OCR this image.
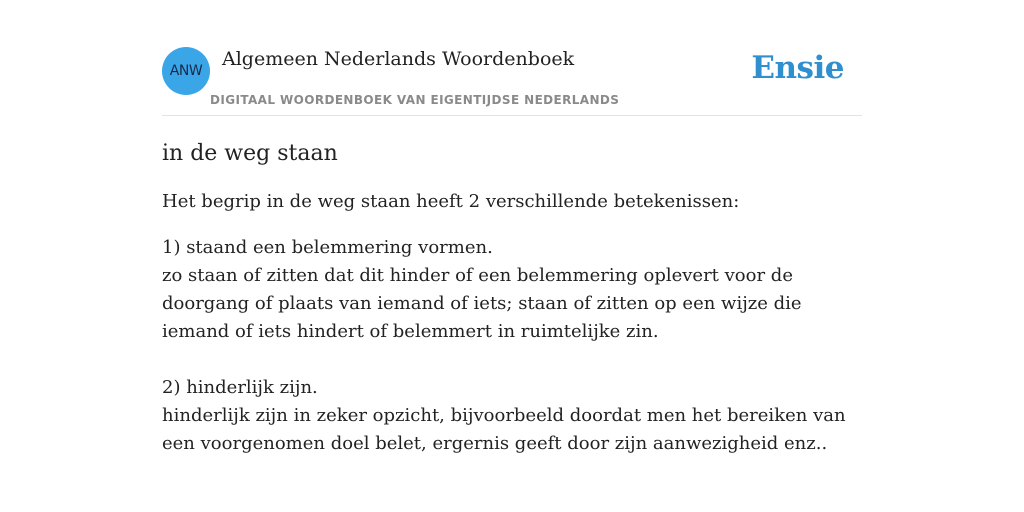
ANW
Algemeen Nederlands Woordenboek
DIGITAAL WOORDENBOEK VAN EIGENTIJDSE NEDERLANDS
Ensie
in de weg staan

Het begrip in de weg staan heeft 2 verschillende betekenissen:

1) staand een belemmering vormen.
zo staan of zitten dat dit hinder of een belemmering oplevert voor de doorgang of plaats van iemand of iets; staan of zitten op een wijze die iemand of iets hindert of belemmert in ruimtelijke zin.

2) hinderlijk zijn.
hinderlijk zijn in zeker opzicht, bijvoorbeeld doordat men het bereiken van een voorgenomen doel belet, ergernis geeft door zijn aanwezigheid enz..
